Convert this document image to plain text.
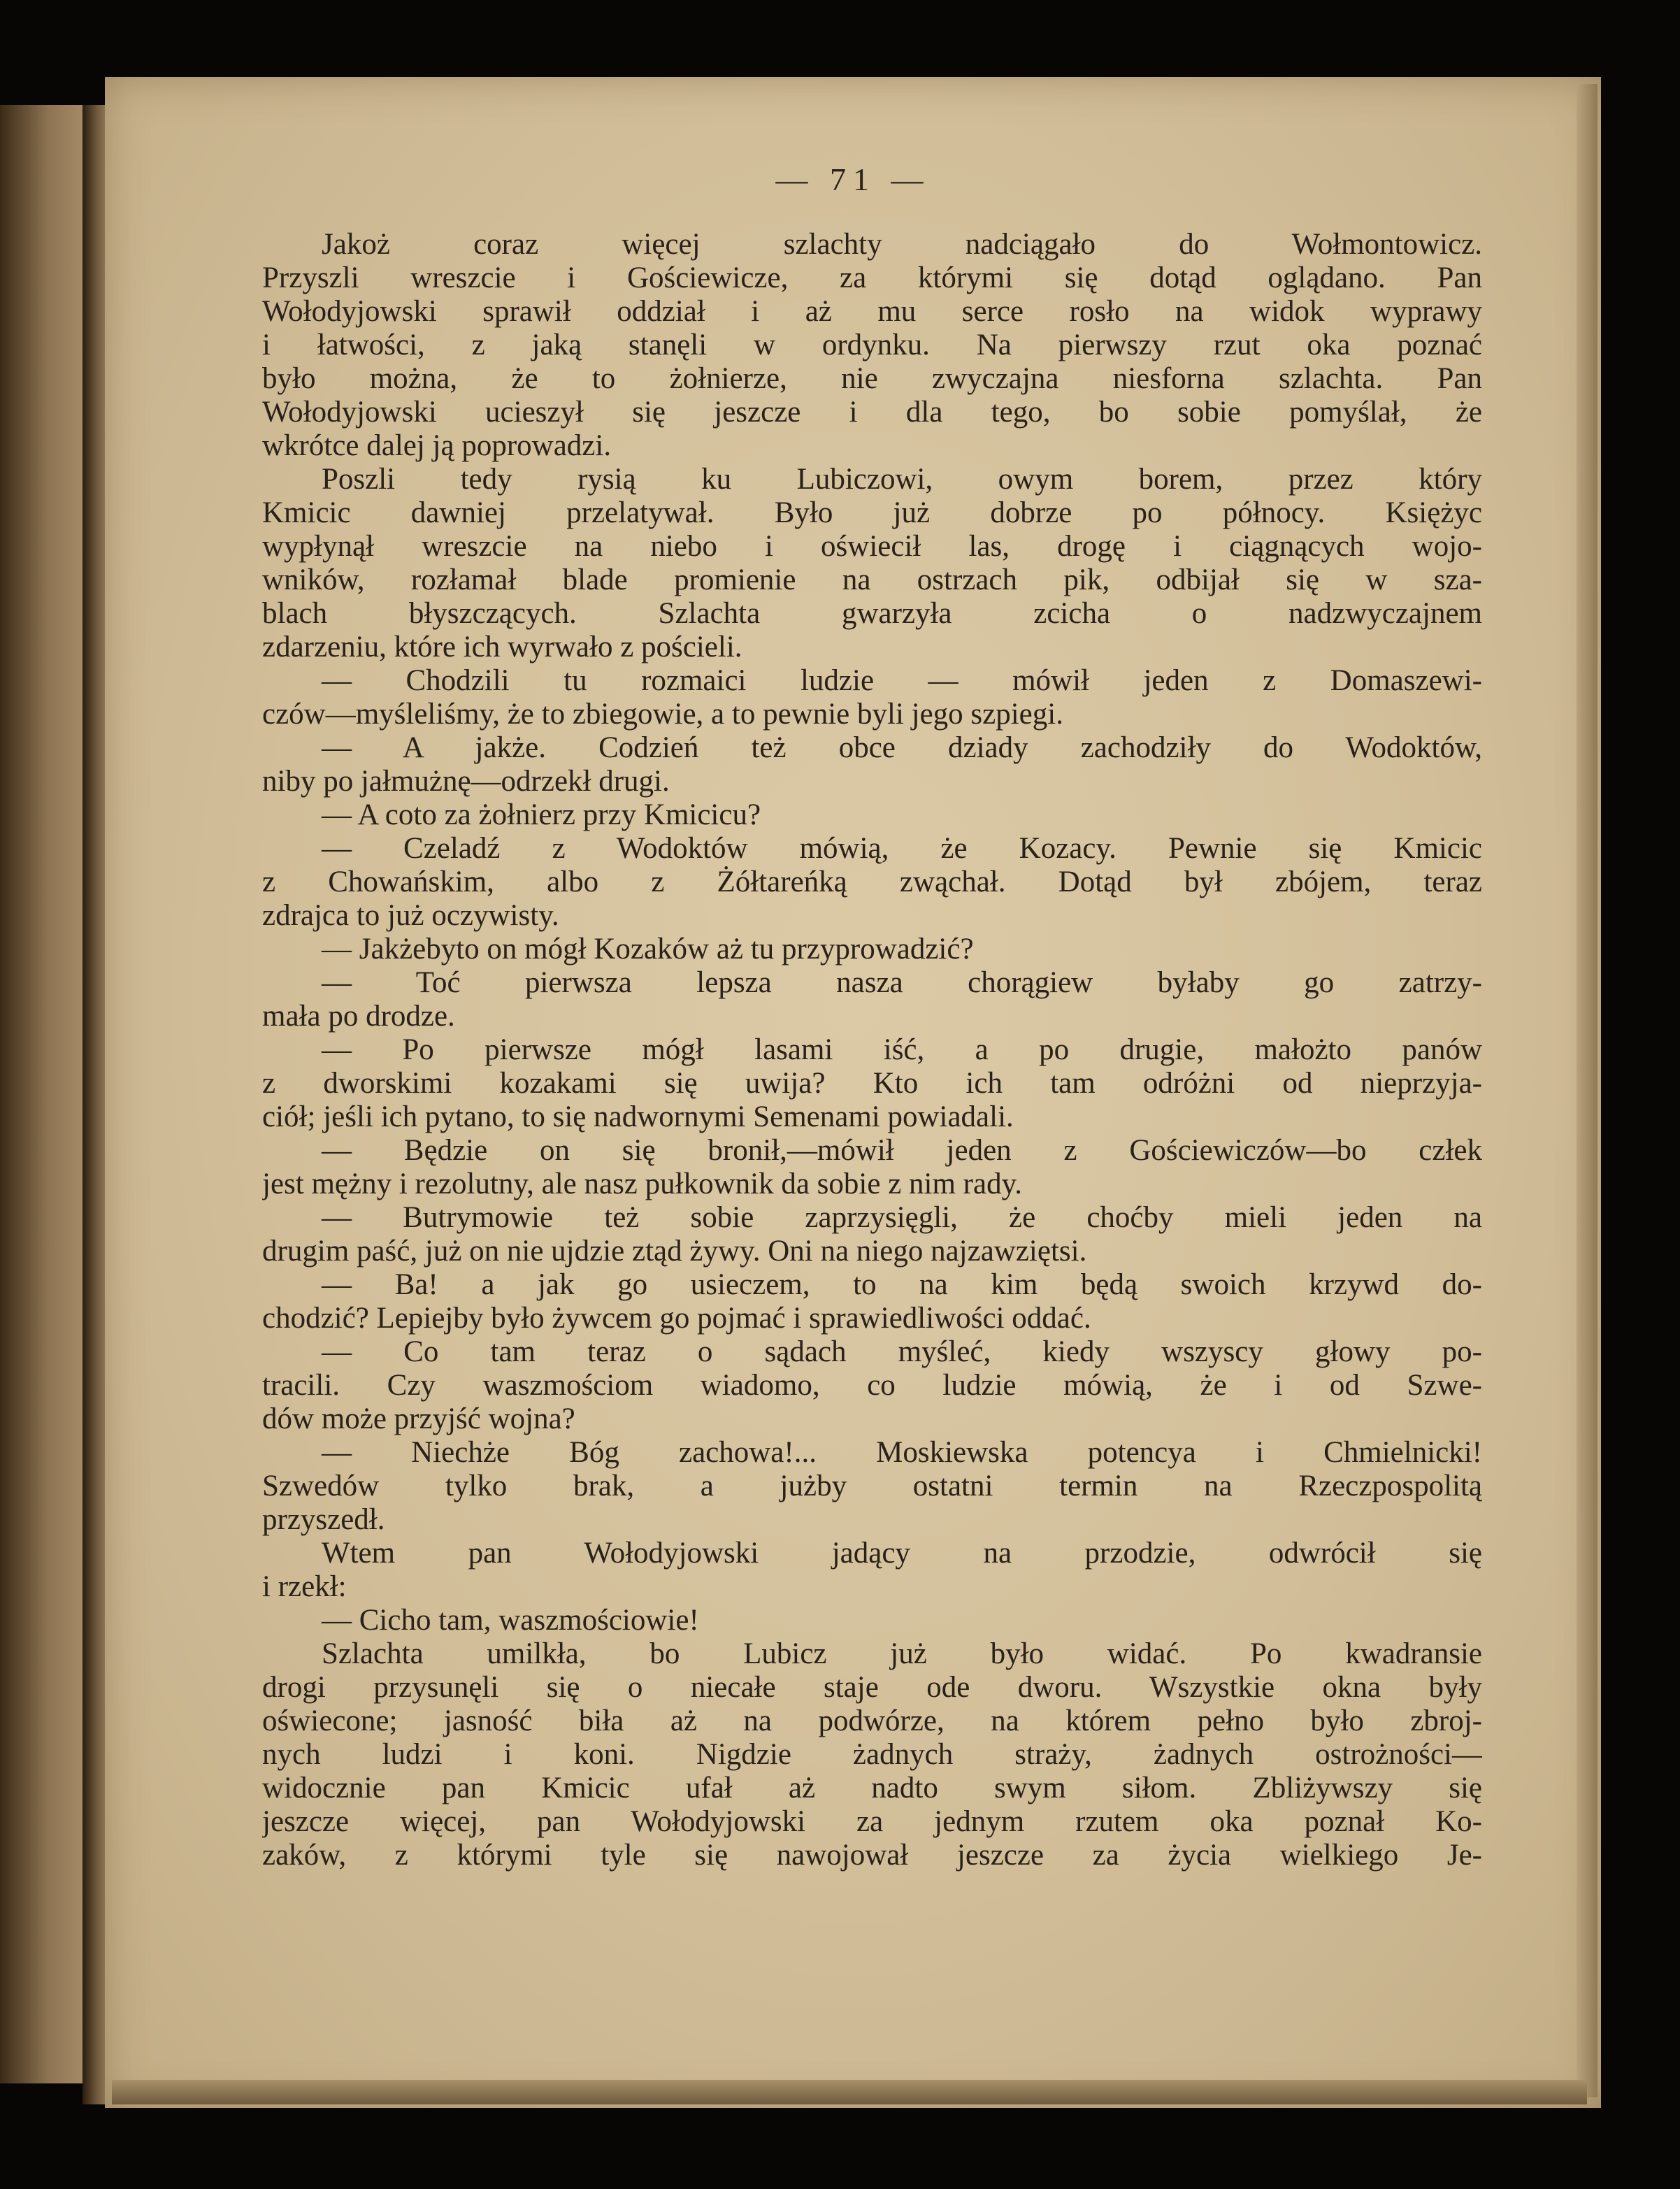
— 71 —
Jakoż coraz więcej szlachty nadciągało do Wołmontowicz.
Przyszli wreszcie i Gościewicze, za którymi się dotąd oglądano. Pan
Wołodyjowski sprawił oddział i aż mu serce rosło na widok wyprawy
i łatwości, z jaką stanęli w ordynku. Na pierwszy rzut oka poznać
było można, że to żołnierze, nie zwyczajna niesforna szlachta. Pan
Wołodyjowski ucieszył się jeszcze i dla tego, bo sobie pomyślał, że
wkrótce dalej ją poprowadzi.
Poszli tedy rysią ku Lubiczowi, owym borem, przez który
Kmicic dawniej przelatywał. Było już dobrze po północy. Księżyc
wypłynął wreszcie na niebo i oświecił las, drogę i ciągnących wojo-
wników, rozłamał blade promienie na ostrzach pik, odbijał się w sza-
blach błyszczących. Szlachta gwarzyła zcicha o nadzwyczajnem
zdarzeniu, które ich wyrwało z pościeli.
— Chodzili tu rozmaici ludzie — mówił jeden z Domaszewi-
czów—myśleliśmy, że to zbiegowie, a to pewnie byli jego szpiegi.
— A jakże. Codzień też obce dziady zachodziły do Wodoktów,
niby po jałmużnę—odrzekł drugi.
— A coto za żołnierz przy Kmicicu?
— Czeladź z Wodoktów mówią, że Kozacy. Pewnie się Kmicic
z Chowańskim, albo z Żółtareńką zwąchał. Dotąd był zbójem, teraz
zdrajca to już oczywisty.
— Jakżebyto on mógł Kozaków aż tu przyprowadzić?
— Toć pierwsza lepsza nasza chorągiew byłaby go zatrzy-
mała po drodze.
— Po pierwsze mógł lasami iść, a po drugie, małożto panów
z dworskimi kozakami się uwija? Kto ich tam odróżni od nieprzyja-
ciół; jeśli ich pytano, to się nadwornymi Semenami powiadali.
— Będzie on się bronił,—mówił jeden z Gościewiczów—bo człek
jest mężny i rezolutny, ale nasz pułkownik da sobie z nim rady.
— Butrymowie też sobie zaprzysięgli, że choćby mieli jeden na
drugim paść, już on nie ujdzie ztąd żywy. Oni na niego najzawziętsi.
— Ba! a jak go usieczem, to na kim będą swoich krzywd do-
chodzić? Lepiejby było żywcem go pojmać i sprawiedliwości oddać.
— Co tam teraz o sądach myśleć, kiedy wszyscy głowy po-
tracili. Czy waszmościom wiadomo, co ludzie mówią, że i od Szwe-
dów może przyjść wojna?
— Niechże Bóg zachowa!... Moskiewska potencya i Chmielnicki!
Szwedów tylko brak, a jużby ostatni termin na Rzeczpospolitą
przyszedł.
Wtem pan Wołodyjowski jadący na przodzie, odwrócił się
i rzekł:
— Cicho tam, waszmościowie!
Szlachta umilkła, bo Lubicz już było widać. Po kwadransie
drogi przysunęli się o niecałe staje ode dworu. Wszystkie okna były
oświecone; jasność biła aż na podwórze, na którem pełno było zbroj-
nych ludzi i koni. Nigdzie żadnych straży, żadnych ostrożności—
widocznie pan Kmicic ufał aż nadto swym siłom. Zbliżywszy się
jeszcze więcej, pan Wołodyjowski za jednym rzutem oka poznał Ko-
zaków, z którymi tyle się nawojował jeszcze za życia wielkiego Je-
